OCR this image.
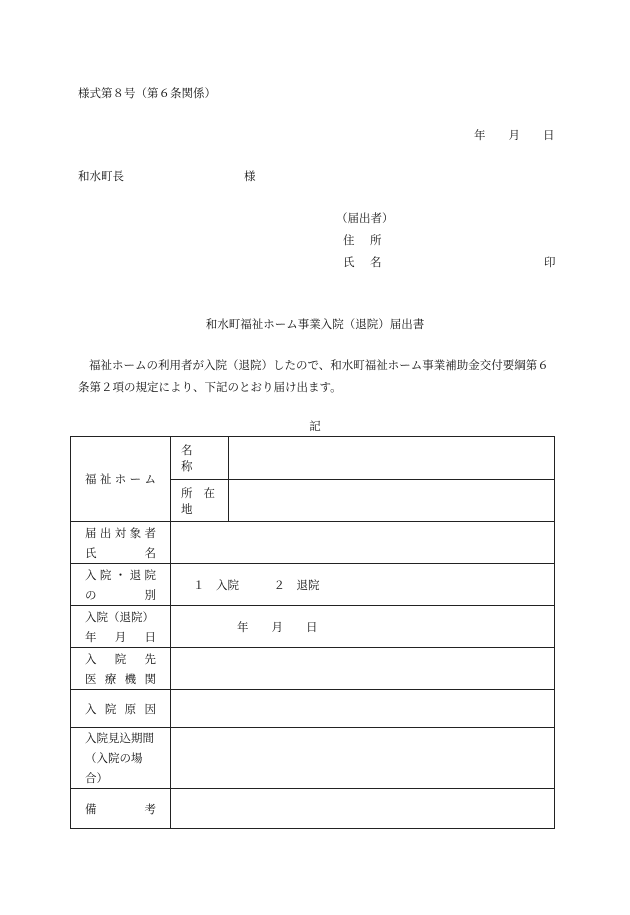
様式第８号（第６条関係）
年　　月　　日
和水町長	様
（届出者）
住　所
氏　名	印
和水町福祉ホーム事業入院（退院）届出書
福祉ホームの利用者が入院（退院）したので、和水町福祉ホーム事業補助金交付要綱第６条第２項の規定により、下記のとおり届け出ます。
記
福祉ホーム	名　称	
	所在地	

届出対象者
氏　　名		

入院・退院
の　　別	１　入院　　　２　退院	

入院（退院）
年　月　日	年　　月　　日	

入　院　先
医療機関		

入院原因		

入院見込期間
（入院の場合）		

備　　考		
